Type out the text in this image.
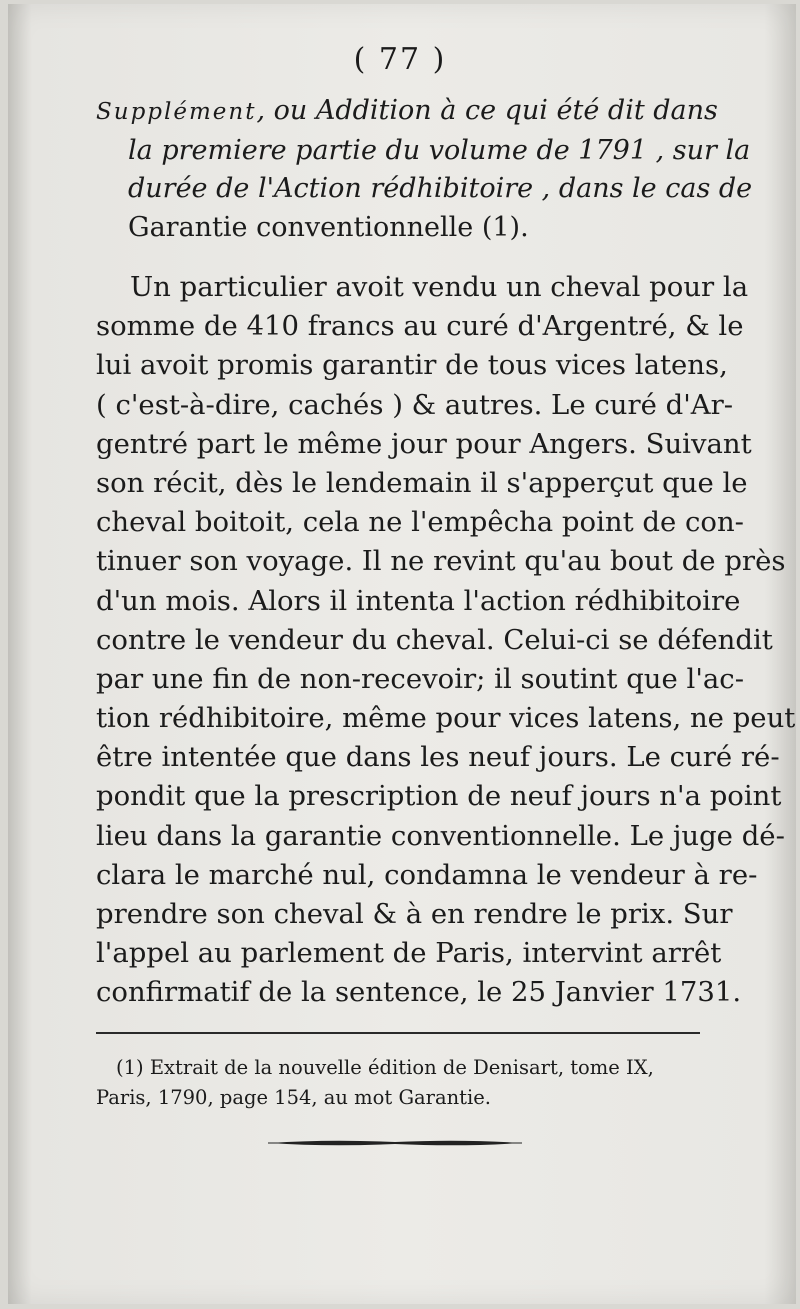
( 77 )
Supplément, ou Addition à ce qui été dit dans
la premiere partie du volume de 1791 , sur la
durée de l'Action rédhibitoire , dans le cas de
Garantie conventionnelle (1).
Un particulier avoit vendu un cheval pour la
somme de 410 francs au curé d'Argentré, & le
lui avoit promis garantir de tous vices latens,
( c'est-à-dire, cachés ) & autres. Le curé d'Ar-
gentré part le même jour pour Angers. Suivant
son récit, dès le lendemain il s'apperçut que le
cheval boitoit, cela ne l'empêcha point de con-
tinuer son voyage. Il ne revint qu'au bout de près
d'un mois. Alors il intenta l'action rédhibitoire
contre le vendeur du cheval. Celui-ci se défendit
par une fin de non-recevoir; il soutint que l'ac-
tion rédhibitoire, même pour vices latens, ne peut
être intentée que dans les neuf jours. Le curé ré-
pondit que la prescription de neuf jours n'a point
lieu dans la garantie conventionnelle. Le juge dé-
clara le marché nul, condamna le vendeur à re-
prendre son cheval & à en rendre le prix. Sur
l'appel au parlement de Paris, intervint arrêt
confirmatif de la sentence, le 25 Janvier 1731.
(1) Extrait de la nouvelle édition de Denisart, tome IX,
Paris, 1790, page 154, au mot Garantie.
